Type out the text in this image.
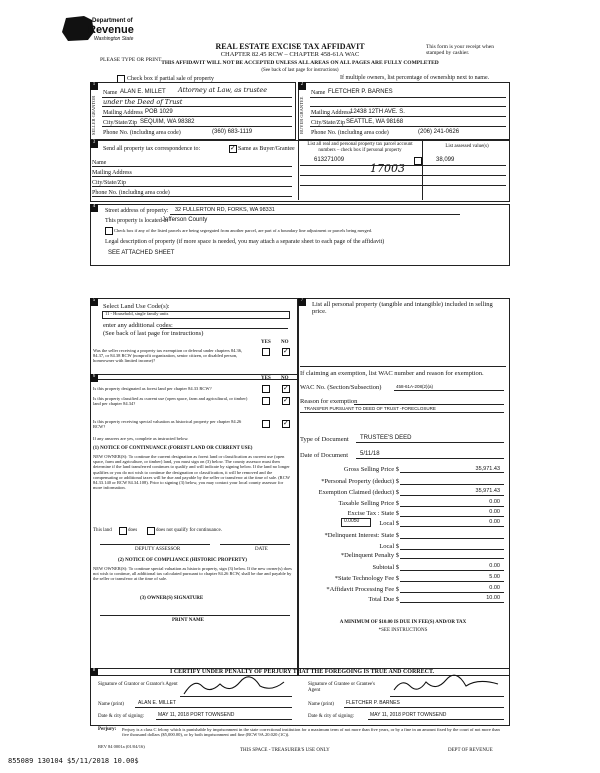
Department of
Revenue
Washington State
REAL ESTATE EXCISE TAX AFFIDAVIT
CHAPTER 82.45 RCW – CHAPTER 458-61A WAC
THIS AFFIDAVIT WILL NOT BE ACCEPTED UNLESS ALL AREAS ON ALL PAGES ARE FULLY COMPLETED
(See back of last page for instructions)
PLEASE TYPE OR PRINT
This form is your receipt when stamped by cashier.
Check box if partial sale of property	If multiple owners, list percentage of ownership next to name.
1
SELLER GRANTOR
Name ALAN E. MILLET Attorney at Law, as trustee
under the Deed of Trust
Mailing Address POB 1029
City/State/Zip SEQUIM, WA 98382
Phone No. (including area code)	(360) 683-1119
2
BUYER GRANTEE
Name FLETCHER P. BARNES
Mailing Address 12438 12TH AVE. S.
City/State/Zip SEATTLE, WA 98168
Phone No. (including area code)	(206) 241-0626
3
Send all property tax correspondence to:
✓	Same as Buyer/Grantee
Name
Mailing Address
City/State/Zip
Phone No. (including area code)
List all real and personal property tax parcel account numbers – check box if personal property
List assessed value(s)
613271009
17003
38,099
4
Street address of property: 32 FULLERTON RD, FORKS, WA 98331
This property is located in
Jefferson County
Check box if any of the listed parcels are being segregated from another parcel, are part of a boundary line adjustment or parcels being merged.
Legal description of property (if more space is needed, you may attach a separate sheet to each page of the affidavit)
SEE ATTACHED SHEET
5
Select Land Use Code(s):
11 - Household, single family units
enter any additional codes:
(See back of last page for instructions)
YES NO
Was the seller receiving a property tax exemption or deferral under chapters 84.36, 84.37, or 84.38 RCW (nonprofit organization, senior citizen, or disabled person, homeowner with limited income)?
✓
6	YES NO
Is this property designated as forest land per chapter 84.33 RCW?
✓
Is this property classified as current use (open space, farm and agricultural, or timber) land per chapter 84.34?
✓
Is this property receiving special valuation as historical property per chapter 84.26 RCW?
✓
If any answers are yes, complete as instructed below.
(1) NOTICE OF CONTINUANCE (FOREST LAND OR CURRENT USE)
NEW OWNER(S): To continue the current designation as forest land or classification as current use (open space, farm and agriculture, or timber) land, you must sign on (3) below. The county assessor must then determine if the land transferred continues to qualify and will indicate by signing below. If the land no longer qualifies or you do not wish to continue the designation or classification, it will be removed and the compensating or additional taxes will be due and payable by the seller or transferor at the time of sale. (RCW 84.33.140 or RCW 84.34.108). Prior to signing (3) below, you may contact your local county assessor for more information.
This land	does	does not qualify for continuance.
DEPUTY ASSESSOR	DATE
(2) NOTICE OF COMPLIANCE (HISTORIC PROPERTY)
NEW OWNER(S): To continue special valuation as historic property, sign (3) below. If the new owner(s) does not wish to continue, all additional tax calculated pursuant to chapter 84.26 RCW, shall be due and payable by the seller or transferor at the time of sale.
(3) OWNER(S) SIGNATURE
PRINT NAME
7
List all personal property (tangible and intangible) included in selling price.
If claiming an exemption, list WAC number and reason for exemption.
WAC No. (Section/Subsection)	458-61A-208(2)(a)
Reason for exemption
TRANSFER PURSUANT TO DEED OF TRUST -FORECLOSURE
Type of Document TRUSTEE'S DEED
Date of Document 5/11/18
Gross Selling Price $	35,971.43
*Personal Property (deduct) $
Exemption Claimed (deduct) $	35,971.43
Taxable Selling Price $	0.00
Excise Tax : State $	0.00
0.0050	Local $	0.00
*Delinquent Interest: State $
Local $
*Delinquent Penalty $
Subtotal $	0.00
*State Technology Fee $	5.00
*Affidavit Processing Fee $	0.00
Total Due $	10.00
A MINIMUM OF $10.00 IS DUE IN FEE(S) AND/OR TAX
*SEE INSTRUCTIONS
8	I CERTIFY UNDER PENALTY OF PERJURY THAT THE FOREGOING IS TRUE AND CORRECT.
Signature of Grantor or Grantor's Agent	Signature of Grantee or Grantee's Agent
Name (print)	ALAN E. MILLET	Name (print) FLETCHER P. BARNES
Date & city of signing:	MAY 11, 2018 PORT TOWNSEND	Date & city of signing:	MAY 11, 2018 PORT TOWNSEND
Perjury: Perjury is a class C felony which is punishable by imprisonment in the state correctional institution for a maximum term of not more than five years, or by a fine in an amount fixed by the court of not more than five thousand dollars ($5,000.00), or by both imprisonment and fine (RCW 9A.20.020 (1C)).
REV 84 0001a (01/04/16)
THIS SPACE - TREASURER'S USE ONLY	DEPT OF REVENUE
855089 130104 $5/11/2018 10.00$
